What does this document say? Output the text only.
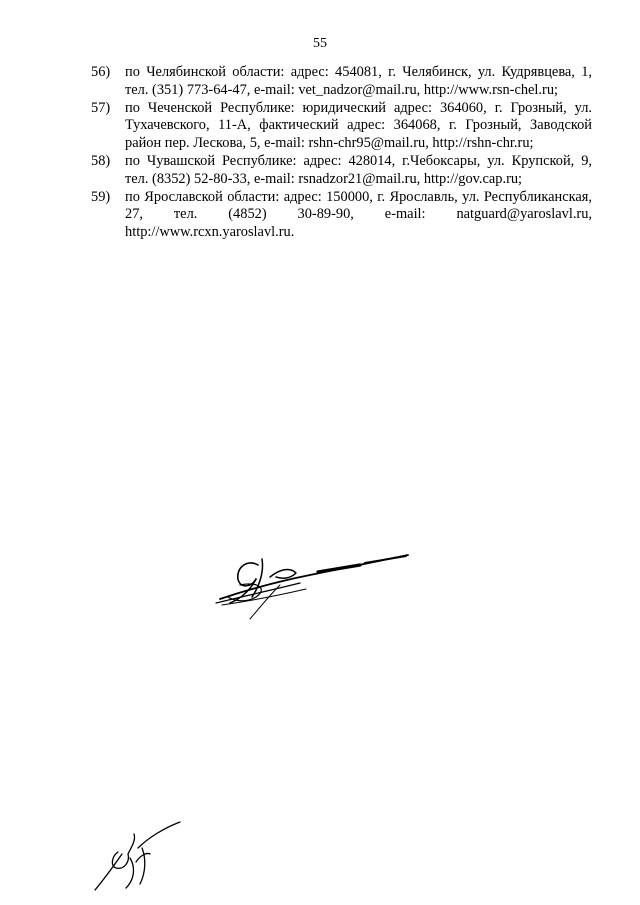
55

56) по Челябинской области: адрес: 454081, г. Челябинск, ул. Кудрявцева, 1, тел. (351) 773-64-47, e-mail: vet_nadzor@mail.ru, http://www.rsn-chel.ru;

57) по Чеченской Республике: юридический адрес: 364060, г. Грозный, ул. Тухачевского, 11-А, фактический адрес: 364068, г. Грозный, Заводской район пер. Лескова, 5, e-mail: rshn-chr95@mail.ru, http://rshn-chr.ru;

58) по Чувашской Республике: адрес: 428014, г.Чебоксары, ул. Крупской, 9, тел. (8352) 52-80-33, e-mail: rsnadzor21@mail.ru, http://gov.cap.ru;

59) по Ярославской области: адрес: 150000, г. Ярославль, ул. Республиканская, 27, тел. (4852) 30-89-90, e-mail: natguard@yaroslavl.ru, http://www.rcxn.yaroslavl.ru.
